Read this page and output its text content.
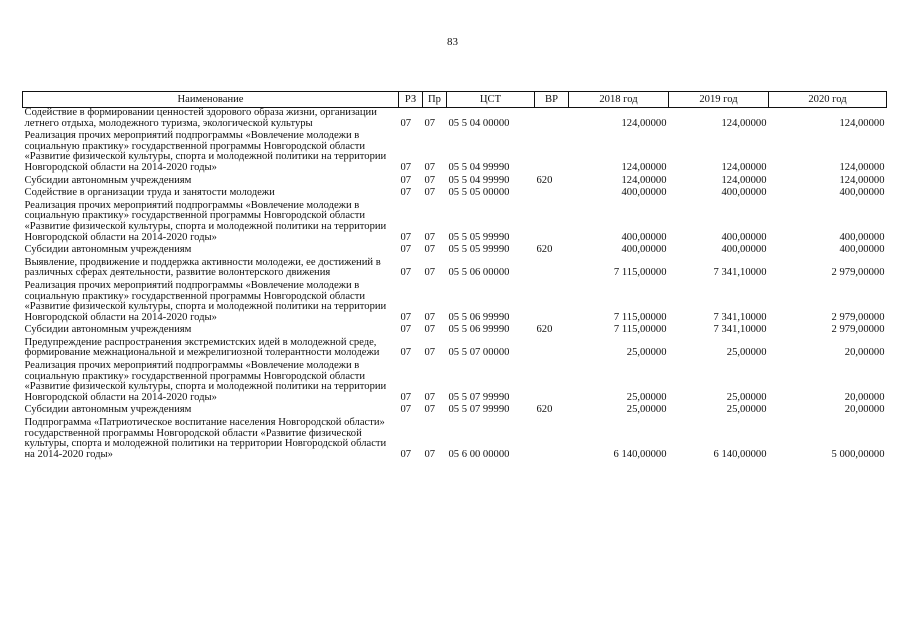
83
Наименование	РЗ	Пр	ЦСТ	ВР	2018 год	2019 год	2020 год
Содействие в формировании ценностей здорового образа жизни, организации летнего отдыха, молодежного туризма, экологической культуры	07	07	05 5 04 00000		124,00000	124,00000	124,00000
Реализация прочих мероприятий подпрограммы «Вовлечение молодежи в социальную практику» государственной программы Новгородской области «Развитие физической культуры, спорта и молодежной политики на территории Новгородской области на 2014-2020 годы»	07	07	05 5 04 99990		124,00000	124,00000	124,00000
Субсидии автономным учреждениям	07	07	05 5 04 99990	620	124,00000	124,00000	124,00000
Содействие в организации труда и занятости молодежи	07	07	05 5 05 00000		400,00000	400,00000	400,00000
Реализация прочих мероприятий подпрограммы «Вовлечение молодежи в социальную практику» государственной программы Новгородской области «Развитие физической культуры, спорта и молодежной политики на территории Новгородской области на 2014-2020 годы»	07	07	05 5 05 99990		400,00000	400,00000	400,00000
Субсидии автономным учреждениям	07	07	05 5 05 99990	620	400,00000	400,00000	400,00000
Выявление, продвижение и поддержка активности молодежи, ее достижений в различных сферах деятельности, развитие волонтерского движения	07	07	05 5 06 00000		7 115,00000	7 341,10000	2 979,00000
Реализация прочих мероприятий подпрограммы «Вовлечение молодежи в социальную практику» государственной программы Новгородской области «Развитие физической культуры, спорта и молодежной политики на территории Новгородской области на 2014-2020 годы»	07	07	05 5 06 99990		7 115,00000	7 341,10000	2 979,00000
Субсидии автономным учреждениям	07	07	05 5 06 99990	620	7 115,00000	7 341,10000	2 979,00000
Предупреждение распространения экстремистских идей в молодежной среде, формирование межнациональной и межрелигиозной толерантности молодежи	07	07	05 5 07 00000		25,00000	25,00000	20,00000
Реализация прочих мероприятий подпрограммы «Вовлечение молодежи в социальную практику» государственной программы Новгородской области «Развитие физической культуры, спорта и молодежной политики на территории Новгородской области на 2014-2020 годы»	07	07	05 5 07 99990		25,00000	25,00000	20,00000
Субсидии автономным учреждениям	07	07	05 5 07 99990	620	25,00000	25,00000	20,00000
Подпрограмма «Патриотическое воспитание населения Новгородской области» государственной программы Новгородской области «Развитие физической культуры, спорта и молодежной политики на территории Новгородской области на 2014-2020 годы»	07	07	05 6 00 00000		6 140,00000	6 140,00000	5 000,00000
